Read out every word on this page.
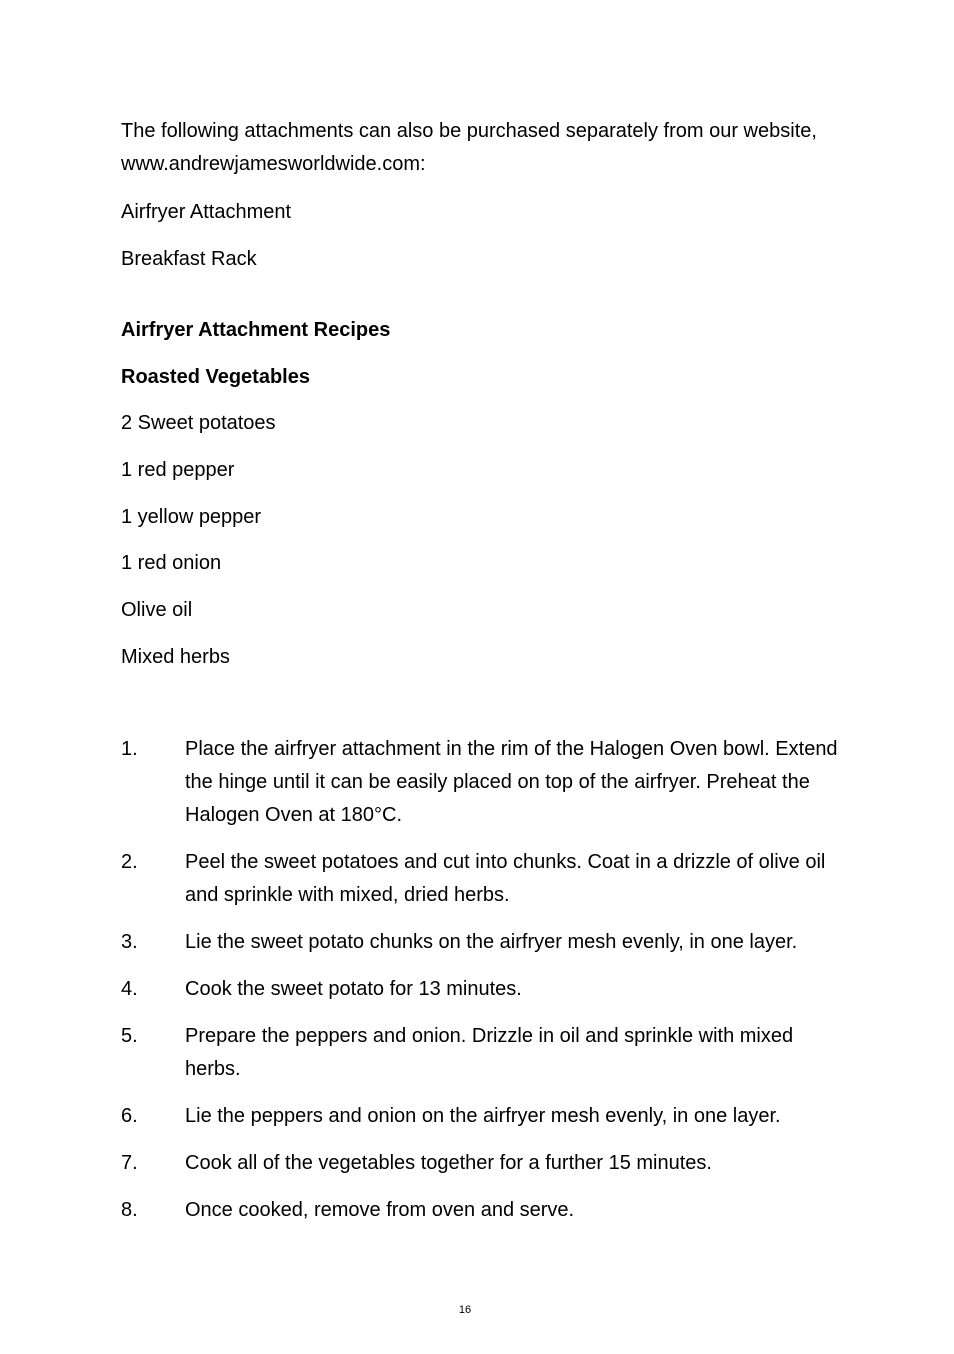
The following attachments can also be purchased separately from our website, www.andrewjamesworldwide.com:

Airfryer Attachment

Breakfast Rack

Airfryer Attachment Recipes

Roasted Vegetables

2 Sweet potatoes

1 red pepper

1 yellow pepper

1 red onion

Olive oil

Mixed herbs

1.	Place the airfryer attachment in the rim of the Halogen Oven bowl. Extend the hinge until it can be easily placed on top of the airfryer. Preheat the Halogen Oven at 180°C.
2.	Peel the sweet potatoes and cut into chunks. Coat in a drizzle of olive oil and sprinkle with mixed, dried herbs.
3.	Lie the sweet potato chunks on the airfryer mesh evenly, in one layer.
4.	Cook the sweet potato for 13 minutes.
5.	Prepare the peppers and onion. Drizzle in oil and sprinkle with mixed herbs.
6.	Lie the peppers and onion on the airfryer mesh evenly, in one layer.
7.	Cook all of the vegetables together for a further 15 minutes.
8.	Once cooked, remove from oven and serve.
16
